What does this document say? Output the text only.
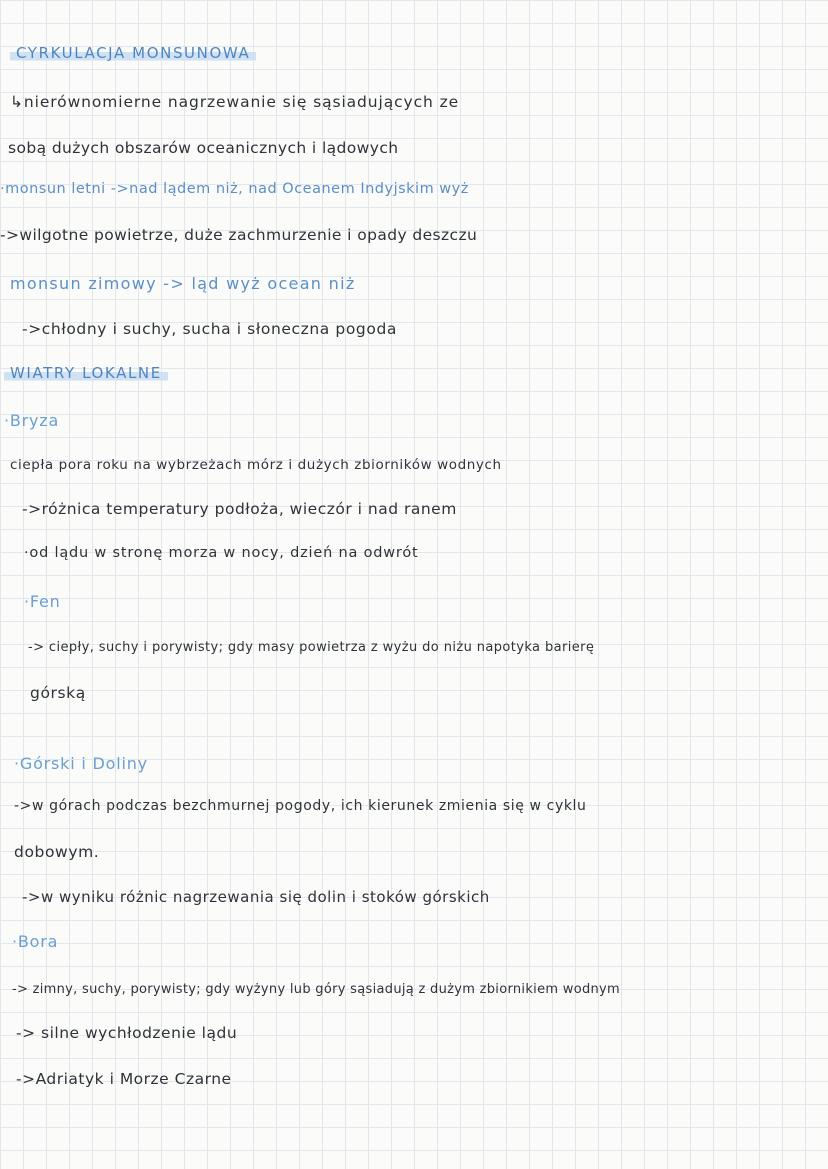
CYRKULACJA MONSUNOWA
↳nierównomierne nagrzewanie się sąsiadujących ze
sobą dużych obszarów oceanicznych i lądowych
·monsun letni ->nad lądem niż, nad Oceanem Indyjskim wyż
->wilgotne powietrze, duże zachmurzenie i opady deszczu
monsun zimowy -> ląd wyż ocean niż
->chłodny i suchy, sucha i słoneczna pogoda
WIATRY LOKALNE
·Bryza
ciepła pora roku na wybrzeżach mórz i dużych zbiorników wodnych
->różnica temperatury podłoża, wieczór i nad ranem
·od lądu w stronę morza w nocy, dzień na odwrót
·Fen
-> ciepły, suchy i porywisty; gdy masy powietrza z wyżu do niżu napotyka barierę
górską
·Górski i Doliny
->w górach podczas bezchmurnej pogody, ich kierunek zmienia się w cyklu
dobowym.
->w wyniku różnic nagrzewania się dolin i stoków górskich
·Bora
-> zimny, suchy, porywisty; gdy wyżyny lub góry sąsiadują z dużym zbiornikiem wodnym
-> silne wychłodzenie lądu
->Adriatyk i Morze Czarne
